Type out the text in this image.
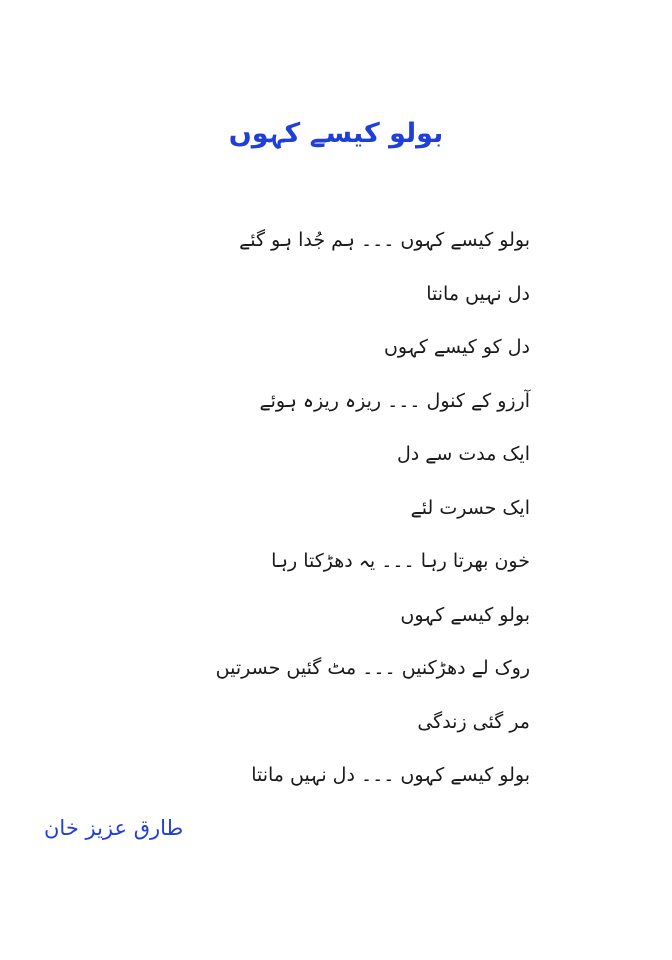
بولو کیسے کہوں
بولو کیسے کہوں ۔۔۔ ہم جُدا ہو گئے
دل نہیں مانتا
دل کو کیسے کہوں
آرزو کے کنول ۔۔۔ ریزہ ریزہ ہوئے
ایک مدت سے دل
ایک حسرت لئے
خون بھرتا رہا ۔۔۔ یہ دھڑکتا رہا
بولو کیسے کہوں
روک لے دھڑکنیں ۔۔۔ مٹ گئیں حسرتیں
مر گئی زندگی
بولو کیسے کہوں ۔۔۔ دل نہیں مانتا
طارق عزیز خان
